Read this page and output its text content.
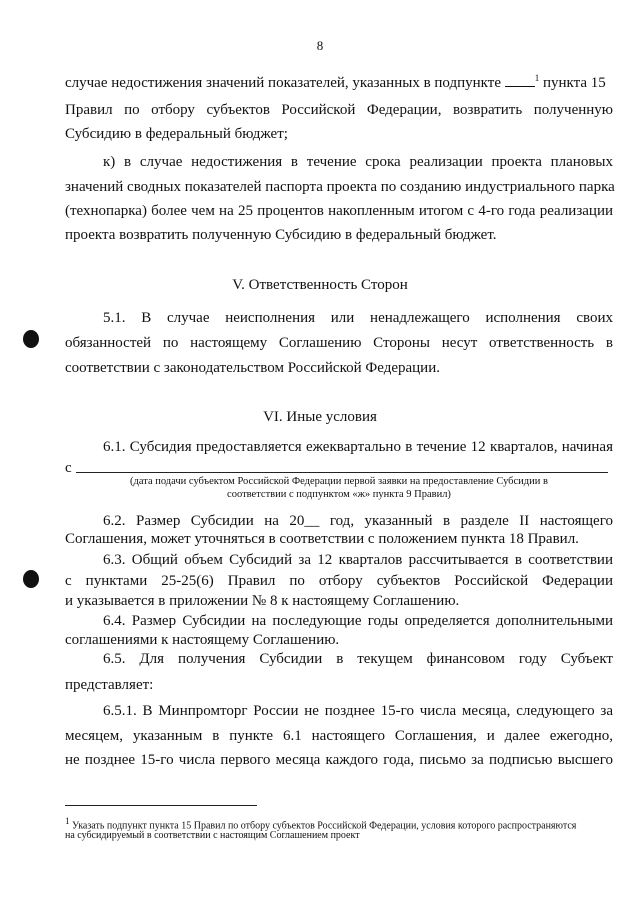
8
случае недостижения значений показателей, указанных в подпункте	$^1$ пункта 15
Правил по отбору субъектов Российской Федерации, возвратить полученную
Субсидию в федеральный бюджет;
к) в случае недостижения в течение срока реализации проекта плановых
значений сводных показателей паспорта проекта по созданию индустриального парка
(технопарка) более чем на 25 процентов накопленным итогом с 4-го года реализации
проекта возвратить полученную Субсидию в федеральный бюджет.
V. Ответственность Сторон
5.1. В случае неисполнения или ненадлежащего исполнения своих
обязанностей по настоящему Соглашению Стороны несут ответственность в
соответствии с законодательством Российской Федерации.
VI. Иные условия
6.1. Субсидия предоставляется ежеквартально в течение 12 кварталов, начиная
с
(дата подачи субъектом Российской Федерации первой заявки на предоставление Субсидии в
соответствии с подпунктом «ж» пункта 9 Правил)
6.2. Размер Субсидии на 20__ год, указанный в разделе II настоящего
Соглашения, может уточняться в соответствии с положением пункта 18 Правил.
6.3. Общий объем Субсидий за 12 кварталов рассчитывается в соответствии
с пунктами 25-25(6) Правил по отбору субъектов Российской Федерации
и указывается в приложении № 8 к настоящему Соглашению.
6.4. Размер Субсидии на последующие годы определяется дополнительными
соглашениями к настоящему Соглашению.
6.5. Для получения Субсидии в текущем финансовом году Субъект
представляет:
6.5.1. В Минпромторг России не позднее 15-го числа месяца, следующего за
месяцем, указанным в пункте 6.1 настоящего Соглашения, и далее ежегодно,
не позднее 15-го числа первого месяца каждого года, письмо за подписью высшего
$^1$ Указать подпункт пункта 15 Правил по отбору субъектов Российской Федерации, условия которого распространяются
на субсидируемый в соответствии с настоящим Соглашением проект
